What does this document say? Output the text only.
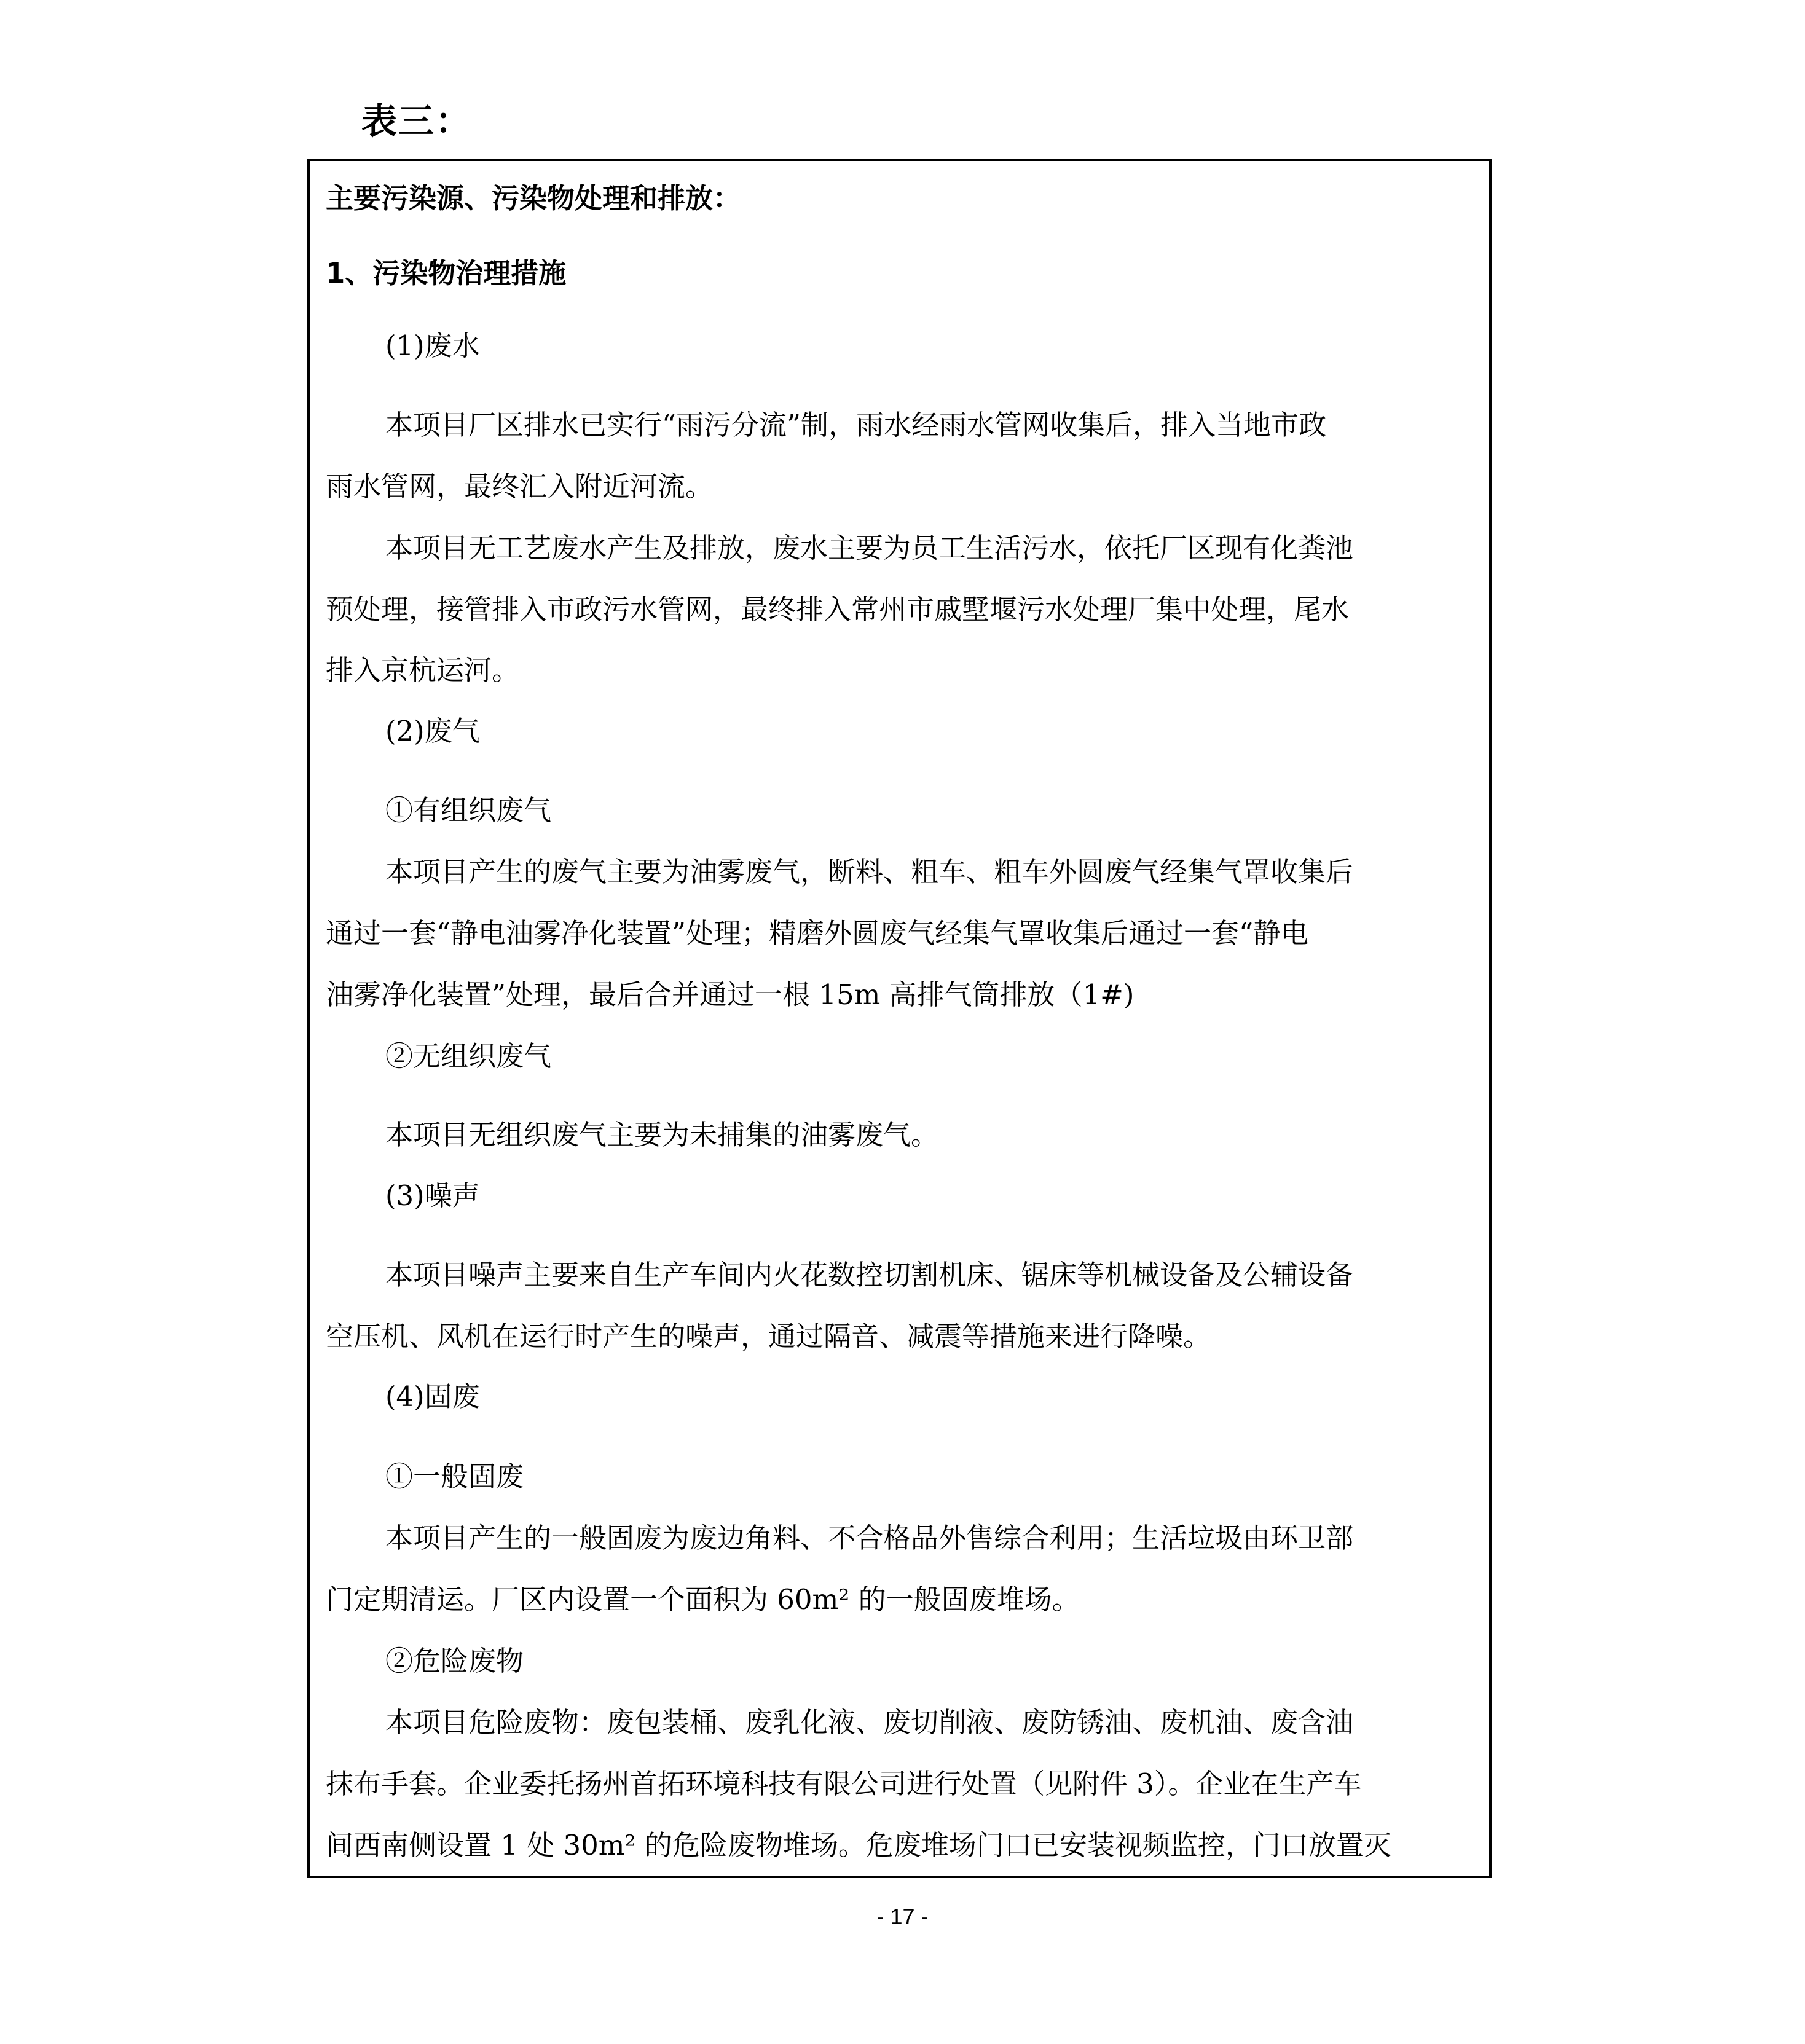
表三：
主要污染源、污染物处理和排放：
1、污染物治理措施
(1)废水
本项目厂区排水已实行“雨污分流”制，雨水经雨水管网收集后，排入当地市政
雨水管网，最终汇入附近河流。
本项目无工艺废水产生及排放，废水主要为员工生活污水，依托厂区现有化粪池
预处理，接管排入市政污水管网，最终排入常州市戚墅堰污水处理厂集中处理，尾水
排入京杭运河。
(2)废气
①有组织废气
本项目产生的废气主要为油雾废气，断料、粗车、粗车外圆废气经集气罩收集后
通过一套“静电油雾净化装置”处理；精磨外圆废气经集气罩收集后通过一套“静电
油雾净化装置”处理，最后合并通过一根 15m 高排气筒排放（1#)
②无组织废气
本项目无组织废气主要为未捕集的油雾废气。
(3)噪声
本项目噪声主要来自生产车间内火花数控切割机床、锯床等机械设备及公辅设备
空压机、风机在运行时产生的噪声，通过隔音、减震等措施来进行降噪。
(4)固废
①一般固废
本项目产生的一般固废为废边角料、不合格品外售综合利用；生活垃圾由环卫部
门定期清运。厂区内设置一个面积为 60m² 的一般固废堆场。
②危险废物
本项目危险废物：废包装桶、废乳化液、废切削液、废防锈油、废机油、废含油
抹布手套。企业委托扬州首拓环境科技有限公司进行处置（见附件 3）。企业在生产车
间西南侧设置 1 处 30m² 的危险废物堆场。危废堆场门口已安装视频监控，门口放置灭
- 17 -
